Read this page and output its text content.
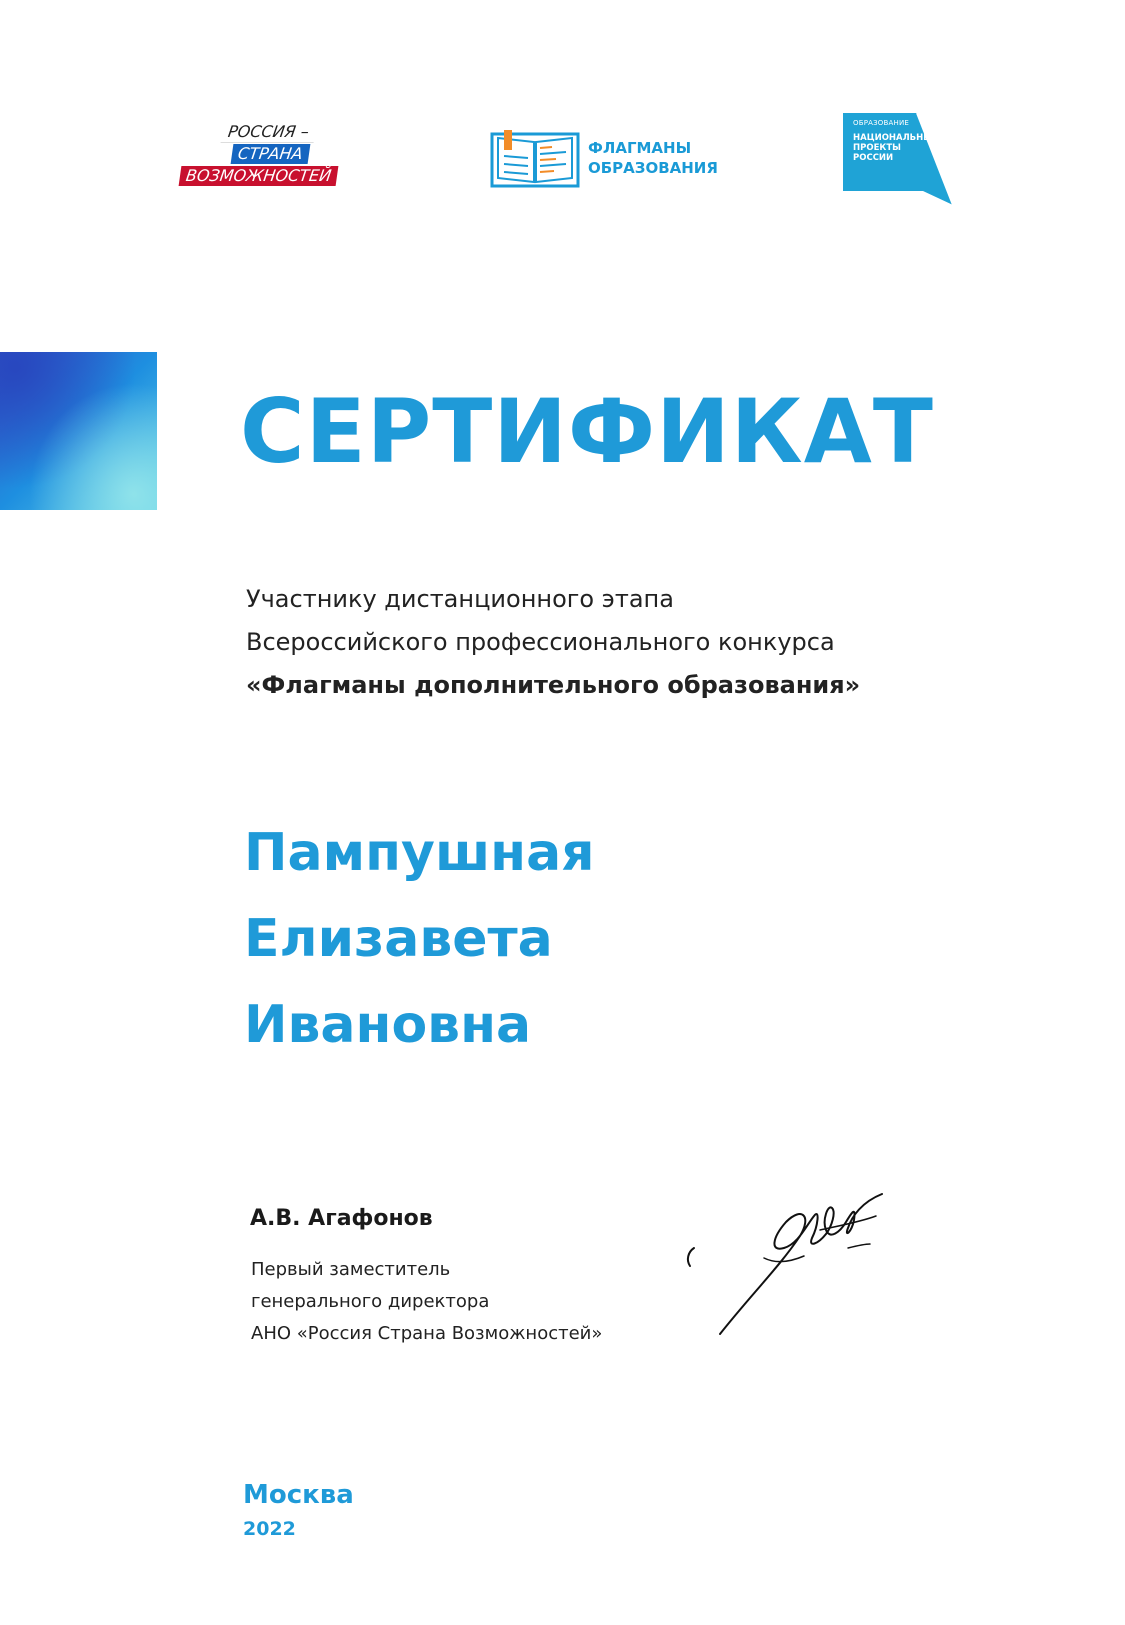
РОССИЯ –
СТРАНА
ВОЗМОЖНОСТЕЙ
ФЛАГМАНЫ
ОБРАЗОВАНИЯ
ОБРАЗОВАНИЕ
НАЦИОНАЛЬНЫЕ
ПРОЕКТЫ
РОССИИ
СЕРТИФИКАТ
Участнику дистанционного этапа
Всероссийского профессионального конкурса
«Флагманы дополнительного образования»
Пампушная
Елизавета
Ивановна
А.В. Агафонов
Первый заместитель
генерального директора
АНО «Россия Страна Возможностей»
Москва
2022
